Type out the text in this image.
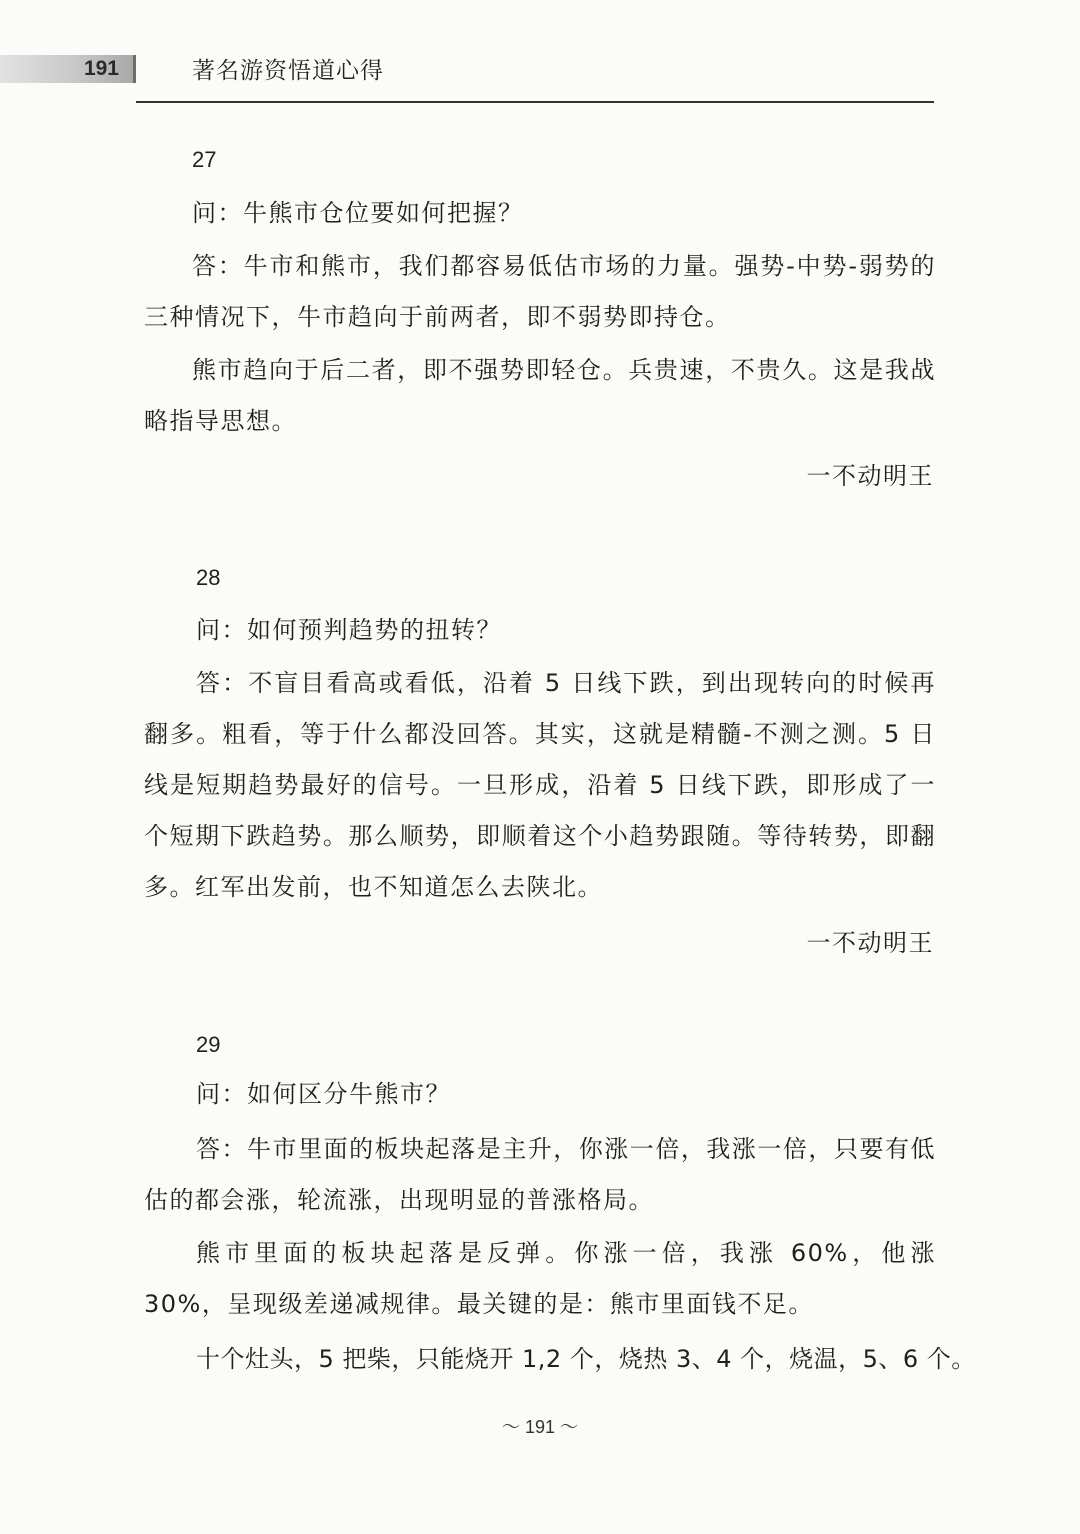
191	著名游资悟道心得
27

问：牛熊市仓位要如何把握？

答：牛市和熊市，我们都容易低估市场的力量。强势-中势-弱势的三种情况下，牛市趋向于前两者，即不弱势即持仓。

熊市趋向于后二者，即不强势即轻仓。兵贵速，不贵久。这是我战略指导思想。

一不动明王
28

问：如何预判趋势的扭转？

答：不盲目看高或看低，沿着 5 日线下跌，到出现转向的时候再翻多。粗看，等于什么都没回答。其实，这就是精髓-不测之测。5 日线是短期趋势最好的信号。一旦形成，沿着 5 日线下跌，即形成了一个短期下跌趋势。那么顺势，即顺着这个小趋势跟随。等待转势，即翻多。红军出发前，也不知道怎么去陕北。

一不动明王
29

问：如何区分牛熊市？

答：牛市里面的板块起落是主升，你涨一倍，我涨一倍，只要有低估的都会涨，轮流涨，出现明显的普涨格局。

熊市里面的板块起落是反弹。你涨一倍，我涨 60%，他涨 30%，呈现级差递减规律。最关键的是：熊市里面钱不足。

十个灶头，5 把柴，只能烧开 1,2 个，烧热 3、4 个，烧温，5、6 个。

～ 191 ～
